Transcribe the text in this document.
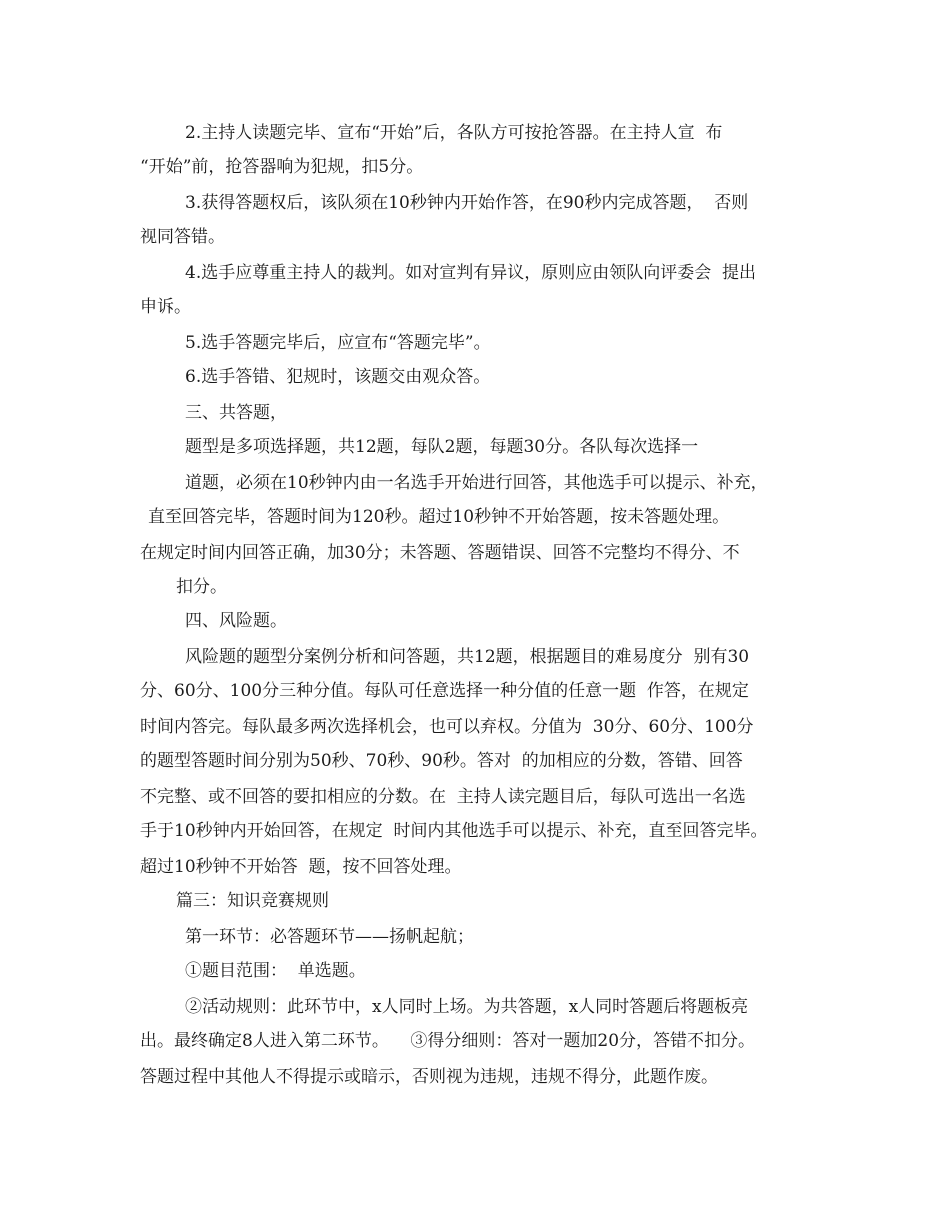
2.主持人读题完毕、宣布“开始”后，各队方可按抢答器。在主持人宣  布
“开始”前，抢答器响为犯规，扣5分。
3.获得答题权后，该队须在10秒钟内开始作答，在90秒内完成答题，  否则
视同答错。
4.选手应尊重主持人的裁判。如对宣判有异议，原则应由领队向评委会  提出
申诉。
5.选手答题完毕后，应宣布“答题完毕”。
6.选手答错、犯规时，该题交由观众答。
三、共答题，
题型是多项选择题，共12题，每队2题，每题30分。各队每次选择一
道题，必须在10秒钟内由一名选手开始进行回答，其他选手可以提示、补充，
直至回答完毕，答题时间为120秒。超过10秒钟不开始答题，按未答题处理。
在规定时间内回答正确，加30分；未答题、答题错误、回答不完整均不得分、不
扣分。
四、风险题。
风险题的题型分案例分析和问答题，共12题，根据题目的难易度分  别有30
分、60分、100分三种分值。每队可任意选择一种分值的任意一题  作答，在规定
时间内答完。每队最多两次选择机会，也可以弃权。分值为  30分、60分、100分
的题型答题时间分别为50秒、70秒、90秒。答对  的加相应的分数，答错、回答
不完整、或不回答的要扣相应的分数。在  主持人读完题目后，每队可选出一名选
手于10秒钟内开始回答，在规定  时间内其他选手可以提示、补充，直至回答完毕。
超过10秒钟不开始答  题，按不回答处理。
篇三：知识竞赛规则
第一环节：必答题环节——扬帆起航；
①题目范围：  单选题。
②活动规则：此环节中，x人同时上场。为共答题，x人同时答题后将题板亮
出。最终确定8人进入第二环节。    ③得分细则：答对一题加20分，答错不扣分。
答题过程中其他人不得提示或暗示，否则视为违规，违规不得分，此题作废。
